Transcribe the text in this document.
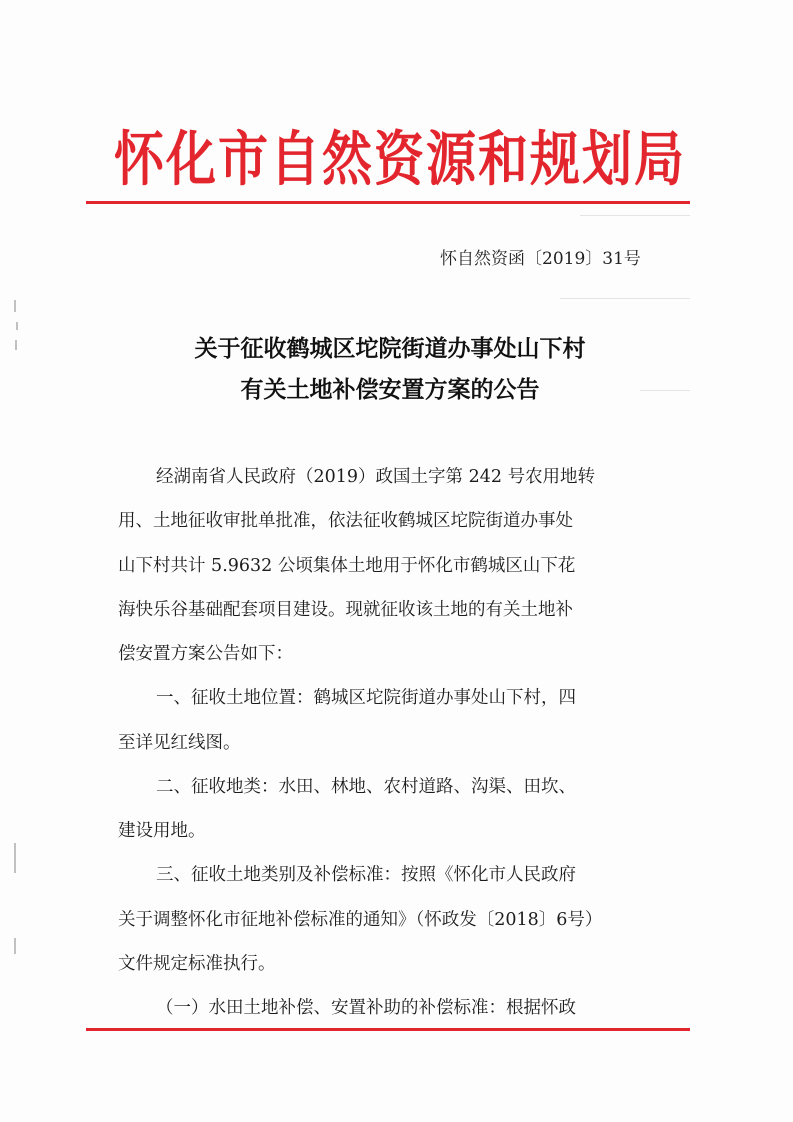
怀化市自然资源和规划局
怀自然资函〔2019〕31号
关于征收鹤城区坨院街道办事处山下村
有关土地补偿安置方案的公告
经湖南省人民政府（2019）政国土字第 242 号农用地转
用、土地征收审批单批准，依法征收鹤城区坨院街道办事处
山下村共计 5.9632 公顷集体土地用于怀化市鹤城区山下花
海快乐谷基础配套项目建设。现就征收该土地的有关土地补
偿安置方案公告如下：
一、征收土地位置：鹤城区坨院街道办事处山下村，四
至详见红线图。
二、征收地类：水田、林地、农村道路、沟渠、田坎、
建设用地。
三、征收土地类别及补偿标准：按照《怀化市人民政府
关于调整怀化市征地补偿标准的通知》（怀政发〔2018〕6号）
文件规定标准执行。
（一）水田土地补偿、安置补助的补偿标准：根据怀政
